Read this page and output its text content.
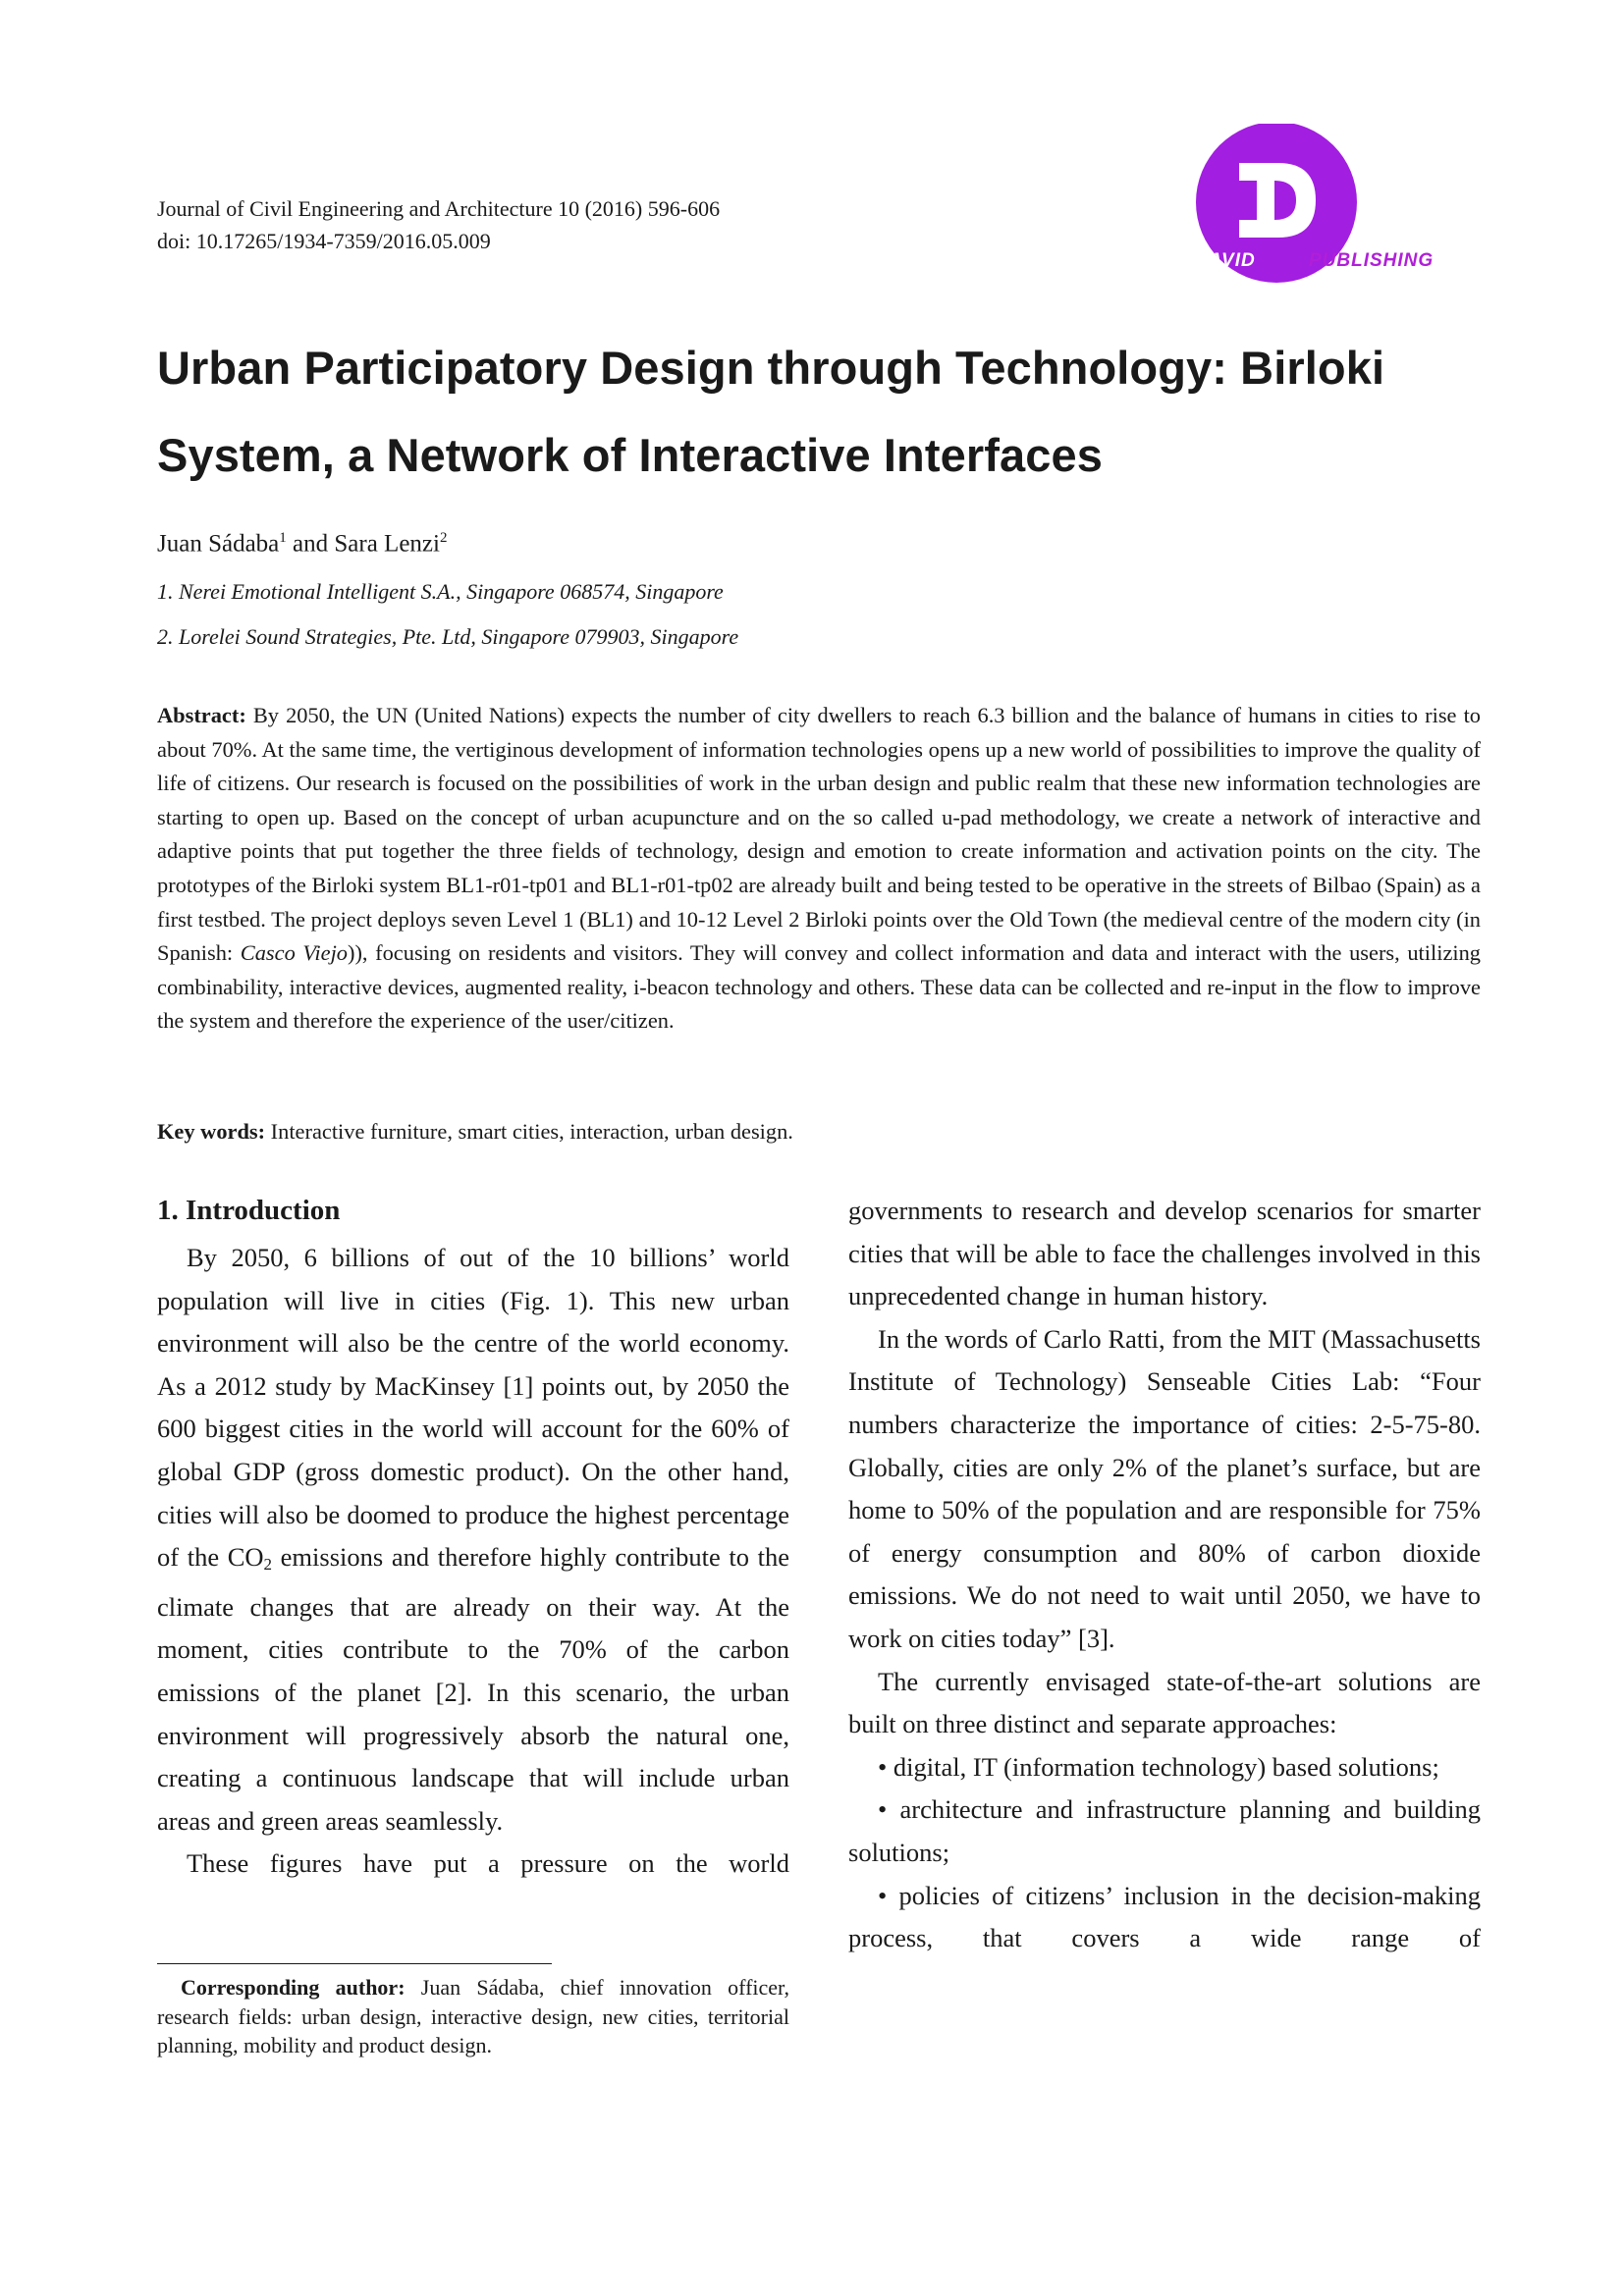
Journal of Civil Engineering and Architecture 10 (2016) 596-606
doi: 10.17265/1934-7359/2016.05.009
DAVID	PUBLISHING
Urban Participatory Design through Technology: Birloki
System, a Network of Interactive Interfaces
Juan Sádaba$^1$ and Sara Lenzi$^2$
1. Nerei Emotional Intelligent S.A., Singapore 068574, Singapore
2. Lorelei Sound Strategies, Pte. Ltd, Singapore 079903, Singapore
Abstract: By 2050, the UN (United Nations) expects the number of city dwellers to reach 6.3 billion and the balance of humans in cities to rise to about 70%. At the same time, the vertiginous development of information technologies opens up a new world of possibilities to improve the quality of life of citizens. Our research is focused on the possibilities of work in the urban design and public realm that these new information technologies are starting to open up. Based on the concept of urban acupuncture and on the so called u-pad methodology, we create a network of interactive and adaptive points that put together the three fields of technology, design and emotion to create information and activation points on the city. The prototypes of the Birloki system BL1-r01-tp01 and BL1-r01-tp02 are already built and being tested to be operative in the streets of Bilbao (Spain) as a first testbed. The project deploys seven Level 1 (BL1) and 10-12 Level 2 Birloki points over the Old Town (the medieval centre of the modern city (in Spanish: Casco Viejo)), focusing on residents and visitors. They will convey and collect information and data and interact with the users, utilizing combinability, interactive devices, augmented reality, i-beacon technology and others. These data can be collected and re-input in the flow to improve the system and therefore the experience of the user/citizen.
Key words: Interactive furniture, smart cities, interaction, urban design.
1. Introduction

By 2050, 6 billions of out of the 10 billions’ world population will live in cities (Fig. 1). This new urban environment will also be the centre of the world economy. As a 2012 study by MacKinsey [1] points out, by 2050 the 600 biggest cities in the world will account for the 60% of global GDP (gross domestic product). On the other hand, cities will also be doomed to produce the highest percentage of the $CO_2$ emissions and therefore highly contribute to the climate changes that are already on their way. At the moment, cities contribute to the 70% of the carbon emissions of the planet [2]. In this scenario, the urban environment will progressively absorb the natural one, creating a continuous landscape that will include urban areas and green areas seamlessly.

These figures have put a pressure on the world

Corresponding author: Juan Sádaba, chief innovation officer, research fields: urban design, interactive design, new cities, territorial planning, mobility and product design.

governments to research and develop scenarios for smarter cities that will be able to face the challenges involved in this unprecedented change in human history.

In the words of Carlo Ratti, from the MIT (Massachusetts Institute of Technology) Senseable Cities Lab: “Four numbers characterize the importance of cities: 2-5-75-80. Globally, cities are only 2% of the planet’s surface, but are home to 50% of the population and are responsible for 75% of energy consumption and 80% of carbon dioxide emissions. We do not need to wait until 2050, we have to work on cities today” [3].

The currently envisaged state-of-the-art solutions are built on three distinct and separate approaches:

• digital, IT (information technology) based solutions;

• architecture and infrastructure planning and building solutions;

• policies of citizens’ inclusion in the decision-making process, that covers a wide range of
